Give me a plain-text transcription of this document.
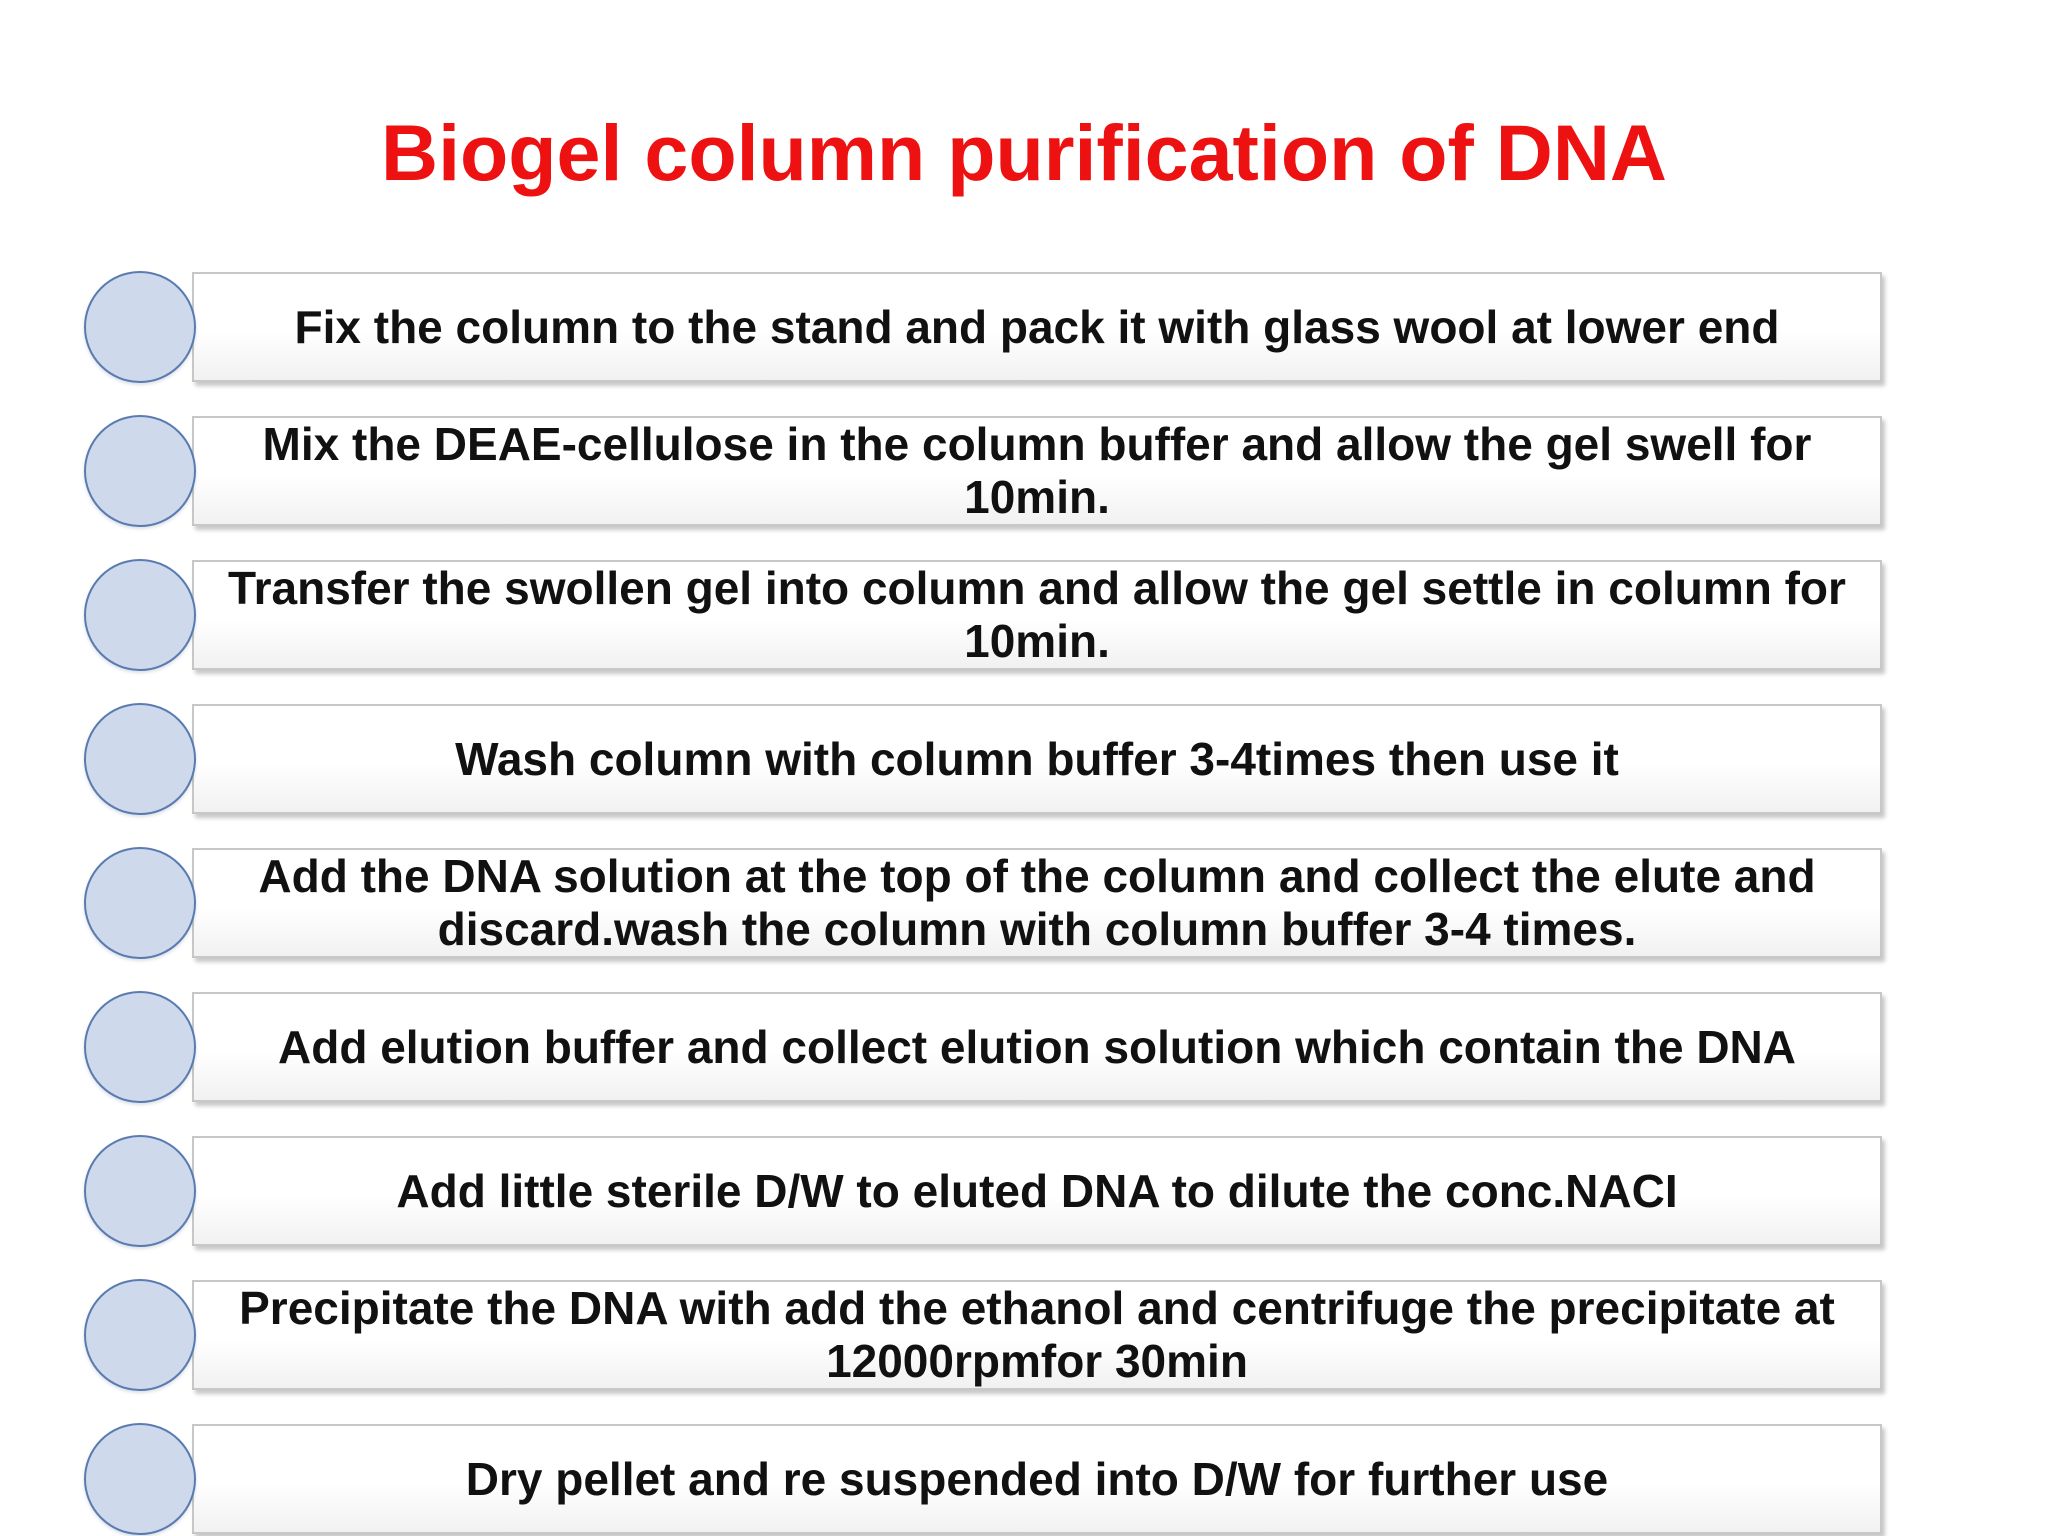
Biogel column purification of DNA
Fix the column to the stand and pack it with glass wool at lower end
Mix the DEAE-cellulose in the column buffer and allow the gel swell for 10min.
Transfer the swollen gel into column and allow the gel settle in column for 10min.
Wash column with column buffer 3-4times then use it
Add the DNA solution at the top of the column and collect the elute and discard.wash the column with column buffer 3-4 times.
Add elution buffer and collect elution solution which contain the DNA
Add little sterile D/W to eluted DNA to dilute the conc.NACI
Precipitate the DNA with add the ethanol and centrifuge the precipitate at 12000rpmfor 30min
Dry pellet and re suspended into D/W for further use
